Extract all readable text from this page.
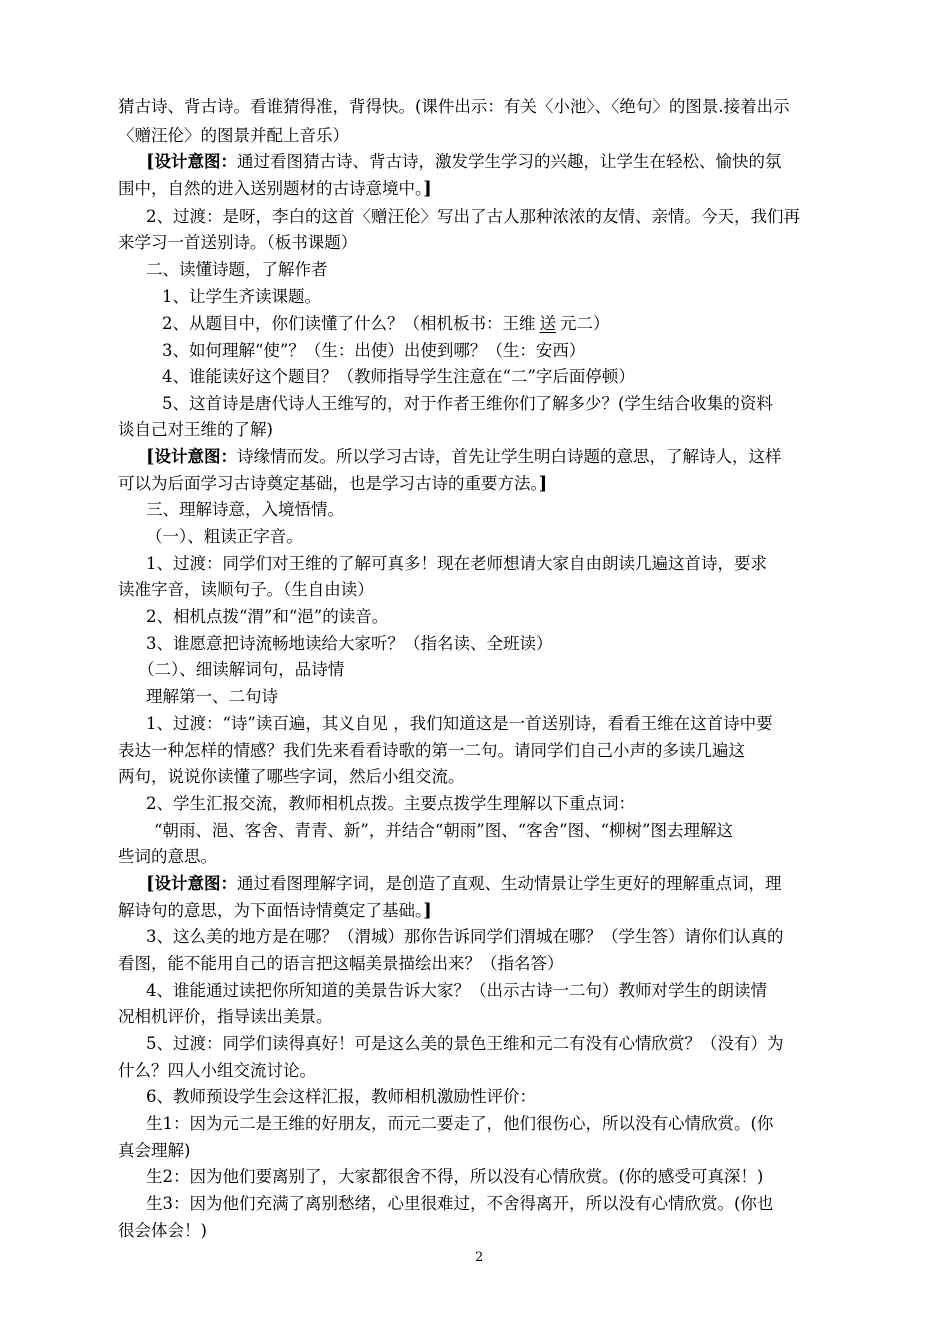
猜古诗、背古诗。看谁猜得准，背得快。(课件出示：有关〈小池〉、〈绝句〉的图景.接着出示
〈赠汪伦〉的图景并配上音乐）
[设计意图：通过看图猜古诗、背古诗，激发学生学习的兴趣，让学生在轻松、愉快的氛
围中，自然的进入送别题材的古诗意境中。]
2、过渡：是呀，李白的这首〈赠汪伦〉写出了古人那种浓浓的友情、亲情。今天，我们再
来学习一首送别诗。（板书课题）
二、读懂诗题，了解作者
1、让学生齐读课题。
2、从题目中，你们读懂了什么？（相机板书：王维 送 元二）
3、如何理解“使”？（生：出使）出使到哪？（生：安西）
4、谁能读好这个题目？（教师指导学生注意在“二”字后面停顿）
5、这首诗是唐代诗人王维写的，对于作者王维你们了解多少？(学生结合收集的资料
谈自己对王维的了解)
[设计意图：诗缘情而发。所以学习古诗，首先让学生明白诗题的意思，了解诗人，这样
可以为后面学习古诗奠定基础，也是学习古诗的重要方法。]
三、理解诗意，入境悟情。
（一）、粗读正字音。
1、过渡：同学们对王维的了解可真多！现在老师想请大家自由朗读几遍这首诗，要求
读准字音，读顺句子。（生自由读）
2、相机点拨“渭”和“浥”的读音。
3、谁愿意把诗流畅地读给大家听？（指名读、全班读）
（二）、细读解词句，品诗情
理解第一、二句诗
1、过渡：“诗”读百遍，其义自见 ，我们知道这是一首送别诗，看看王维在这首诗中要
表达一种怎样的情感？我们先来看看诗歌的第一二句。请同学们自己小声的多读几遍这
两句，说说你读懂了哪些字词，然后小组交流。
2、学生汇报交流，教师相机点拨。主要点拨学生理解以下重点词：
“朝雨、浥、客舍、青青、新”，并结合“朝雨”图、“客舍”图、“柳树”图去理解这
些词的意思。
[设计意图：通过看图理解字词，是创造了直观、生动情景让学生更好的理解重点词，理
解诗句的意思，为下面悟诗情奠定了基础。]
3、这么美的地方是在哪？（渭城）那你告诉同学们渭城在哪？（学生答）请你们认真的
看图，能不能用自己的语言把这幅美景描绘出来？（指名答）
4、谁能通过读把你所知道的美景告诉大家？（出示古诗一二句）教师对学生的朗读情
况相机评价，指导读出美景。
5、过渡：同学们读得真好！可是这么美的景色王维和元二有没有心情欣赏？（没有）为
什么？四人小组交流讨论。
6、教师预设学生会这样汇报，教师相机激励性评价：
生1：因为元二是王维的好朋友，而元二要走了，他们很伤心，所以没有心情欣赏。(你
真会理解)
生2：因为他们要离别了，大家都很舍不得，所以没有心情欣赏。(你的感受可真深！)
生3：因为他们充满了离别愁绪，心里很难过，不舍得离开，所以没有心情欣赏。(你也
很会体会！)
2
